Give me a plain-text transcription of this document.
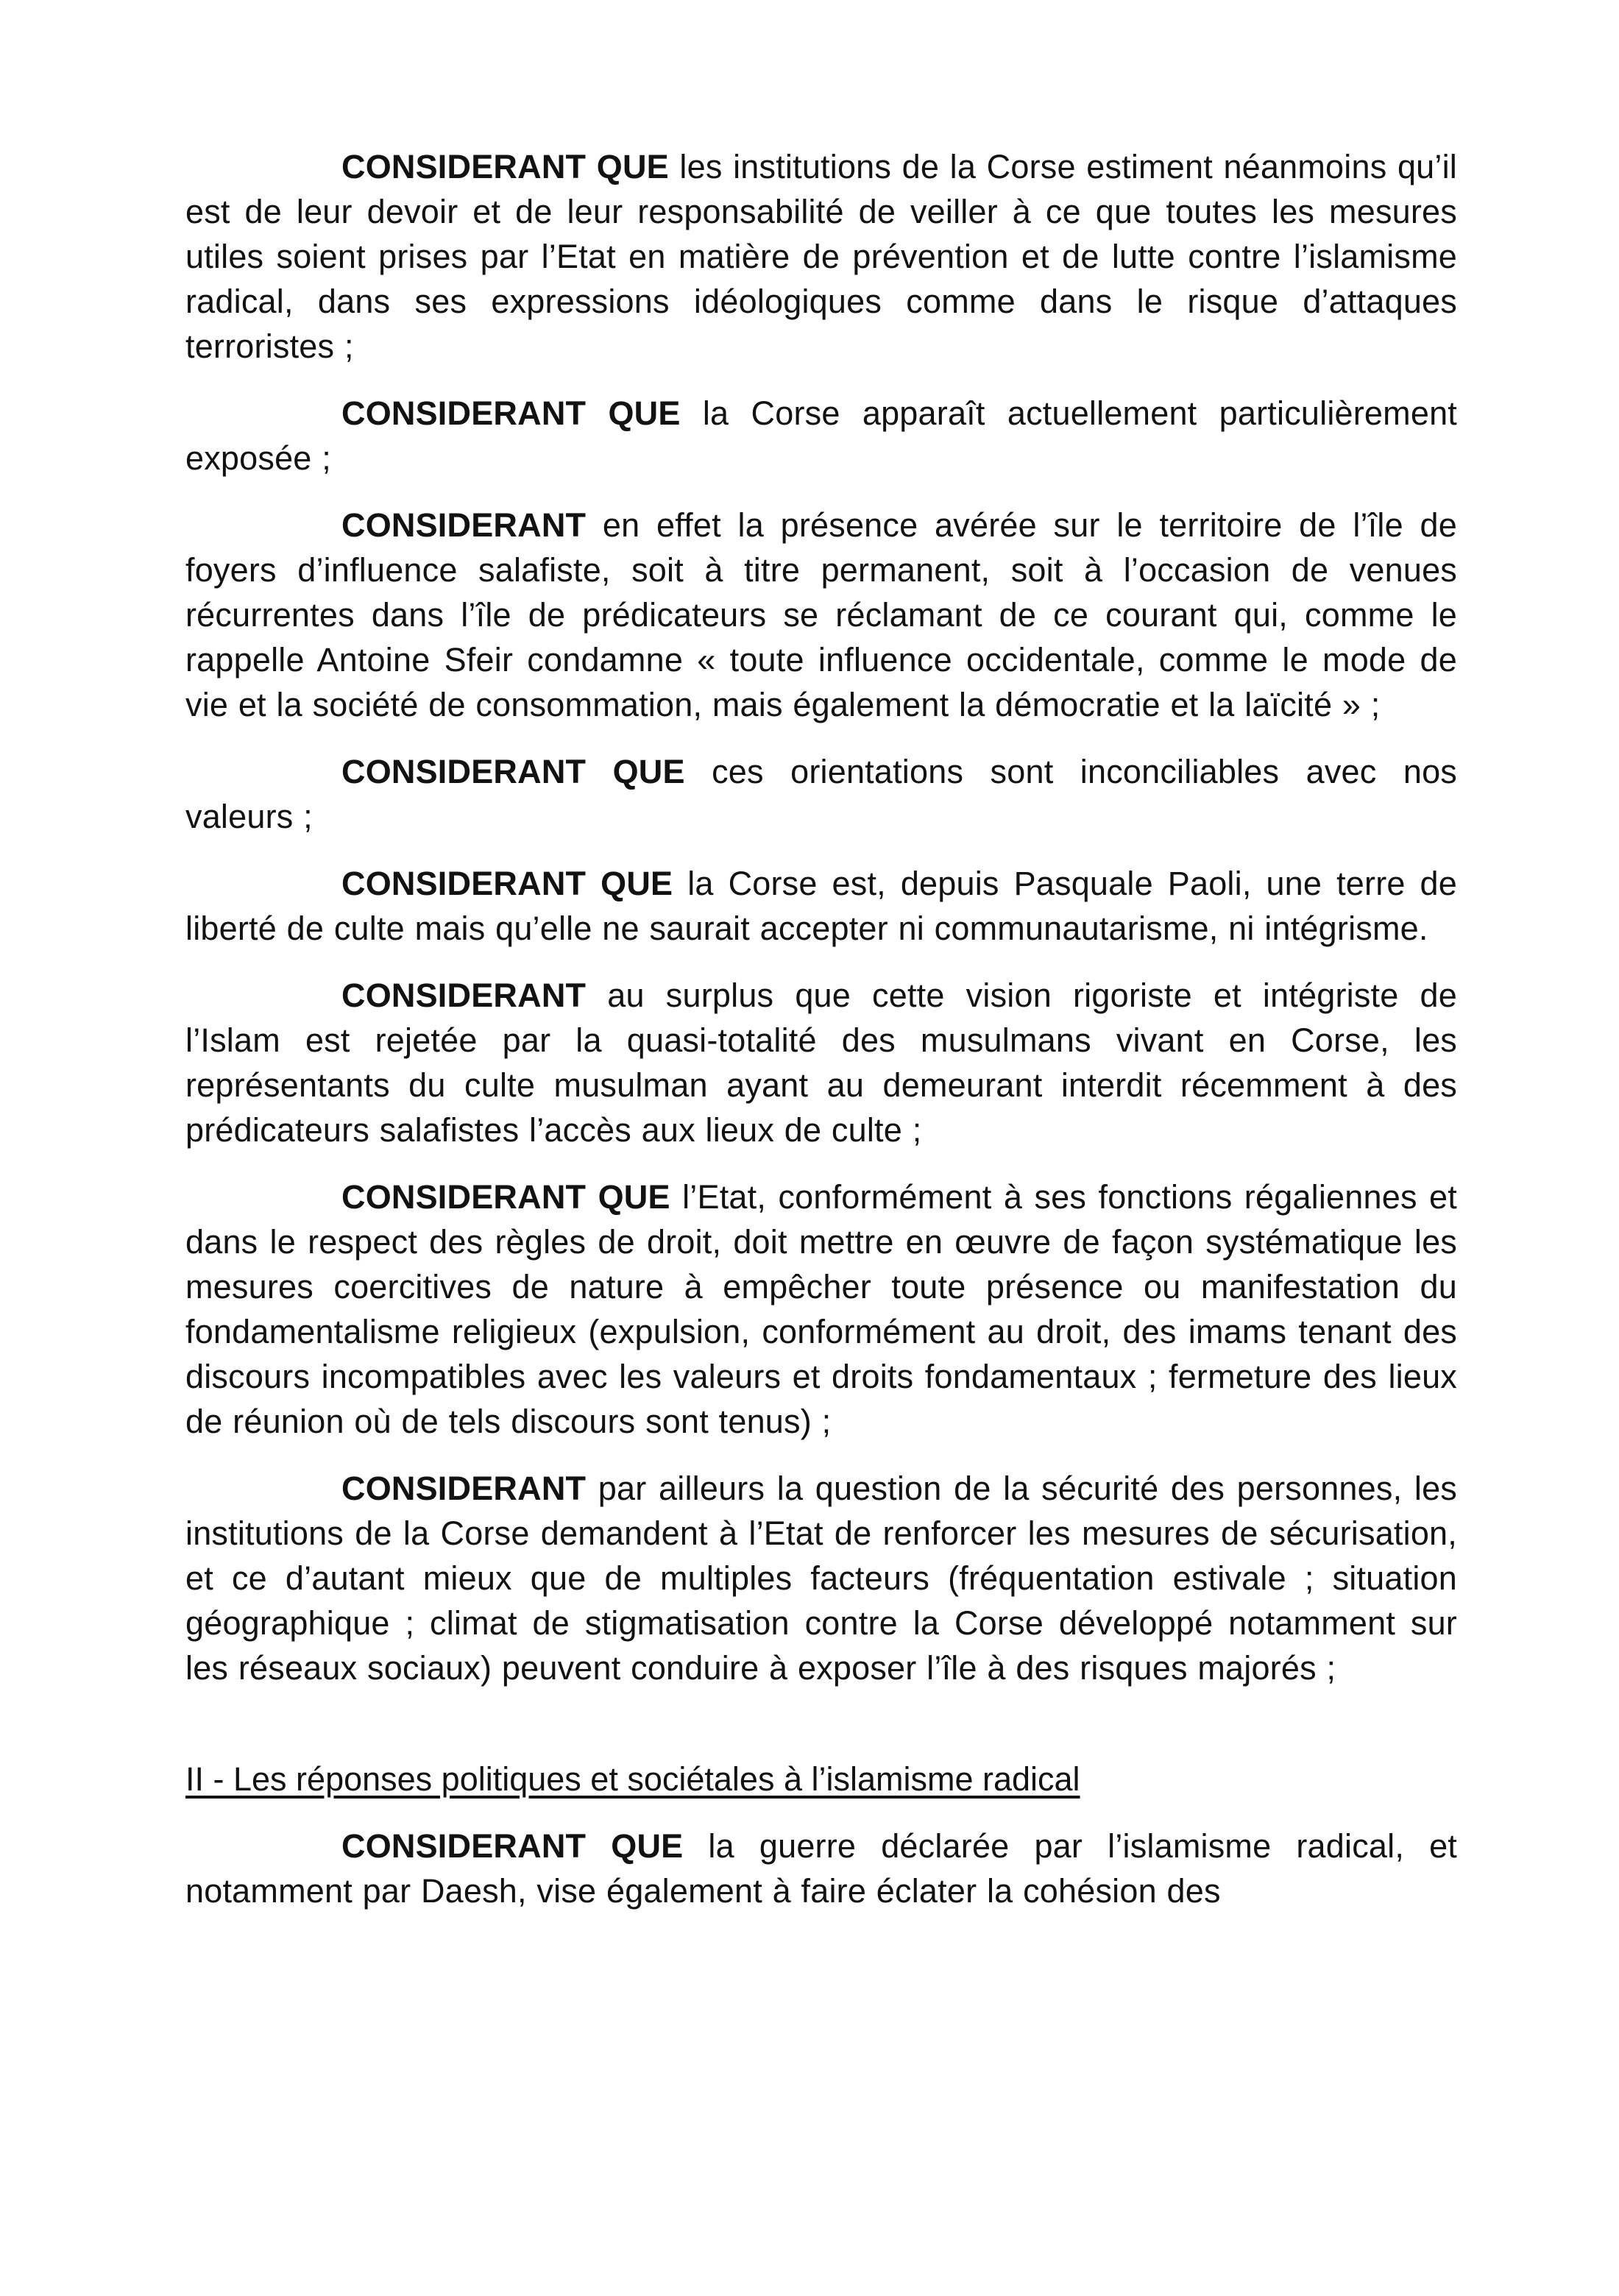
CONSIDERANT QUE les institutions de la Corse estiment néanmoins qu’il est de leur devoir et de leur responsabilité de veiller à ce que toutes les mesures utiles soient prises par l’Etat en matière de prévention et de lutte contre l’islamisme radical, dans ses expressions idéologiques comme dans le risque d’attaques terroristes ;

CONSIDERANT QUE la Corse apparaît actuellement particulièrement exposée ;

CONSIDERANT en effet la présence avérée sur le territoire de l’île de foyers d’influence salafiste, soit à titre permanent, soit à l’occasion de venues récurrentes dans l’île de prédicateurs se réclamant de ce courant qui, comme le rappelle Antoine Sfeir condamne « toute influence occidentale, comme le mode de vie et la société de consommation, mais également la démocratie et la laïcité » ;

CONSIDERANT QUE ces orientations sont inconciliables avec nos valeurs ;

CONSIDERANT QUE la Corse est, depuis Pasquale Paoli, une terre de liberté de culte mais qu’elle ne saurait accepter ni communautarisme, ni intégrisme.

CONSIDERANT au surplus que cette vision rigoriste et intégriste de l’Islam est rejetée par la quasi-totalité des musulmans vivant en Corse, les représentants du culte musulman ayant au demeurant interdit récemment à des prédicateurs salafistes l’accès aux lieux de culte ;

CONSIDERANT QUE l’Etat, conformément à ses fonctions régaliennes et dans le respect des règles de droit, doit mettre en œuvre de façon systématique les mesures coercitives de nature à empêcher toute présence ou manifestation du fondamentalisme religieux (expulsion, conformément au droit, des imams tenant des discours incompatibles avec les valeurs et droits fondamentaux ; fermeture des lieux de réunion où de tels discours sont tenus) ;

CONSIDERANT par ailleurs la question de la sécurité des personnes, les institutions de la Corse demandent à l’Etat de renforcer les mesures de sécurisation, et ce d’autant mieux que de multiples facteurs (fréquentation estivale ; situation géographique ; climat de stigmatisation contre la Corse développé notamment sur les réseaux sociaux) peuvent conduire à exposer l’île à des risques majorés ;

II - Les réponses politiques et sociétales à l’islamisme radical

CONSIDERANT QUE la guerre déclarée par l’islamisme radical, et notamment par Daesh, vise également à faire éclater la cohésion des
